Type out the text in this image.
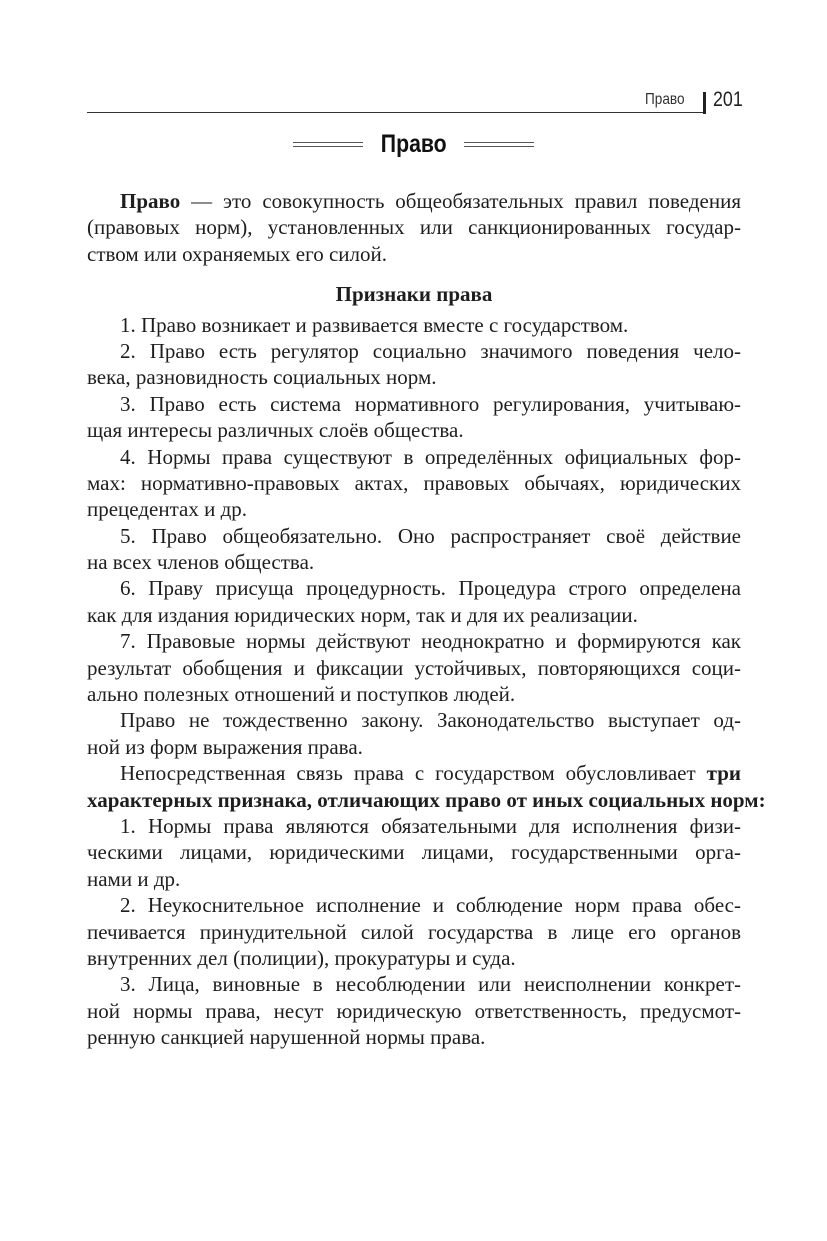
Право 201
Право
Право — это совокупность общеобязательных правил поведения
(правовых норм), установленных или санкционированных государ-
ством или охраняемых его силой.
Признаки права
1. Право возникает и развивается вместе с государством.
2. Право есть регулятор социально значимого поведения чело-
века, разновидность социальных норм.
3. Право есть система нормативного регулирования, учитываю-
щая интересы различных слоёв общества.
4. Нормы права существуют в определённых официальных фор-
мах: нормативно-правовых актах, правовых обычаях, юридических
прецедентах и др.
5. Право общеобязательно. Оно распространяет своё действие
на всех членов общества.
6. Праву присуща процедурность. Процедура строго определена
как для издания юридических норм, так и для их реализации.
7. Правовые нормы действуют неоднократно и формируются как
результат обобщения и фиксации устойчивых, повторяющихся соци-
ально полезных отношений и поступков людей.
Право не тождественно закону. Законодательство выступает од-
ной из форм выражения права.
Непосредственная связь права с государством обусловливает три
характерных признака, отличающих право от иных социальных норм:
1. Нормы права являются обязательными для исполнения физи-
ческими лицами, юридическими лицами, государственными орга-
нами и др.
2. Неукоснительное исполнение и соблюдение норм права обес-
печивается принудительной силой государства в лице его органов
внутренних дел (полиции), прокуратуры и суда.
3. Лица, виновные в несоблюдении или неисполнении конкрет-
ной нормы права, несут юридическую ответственность, предусмот-
ренную санкцией нарушенной нормы права.
